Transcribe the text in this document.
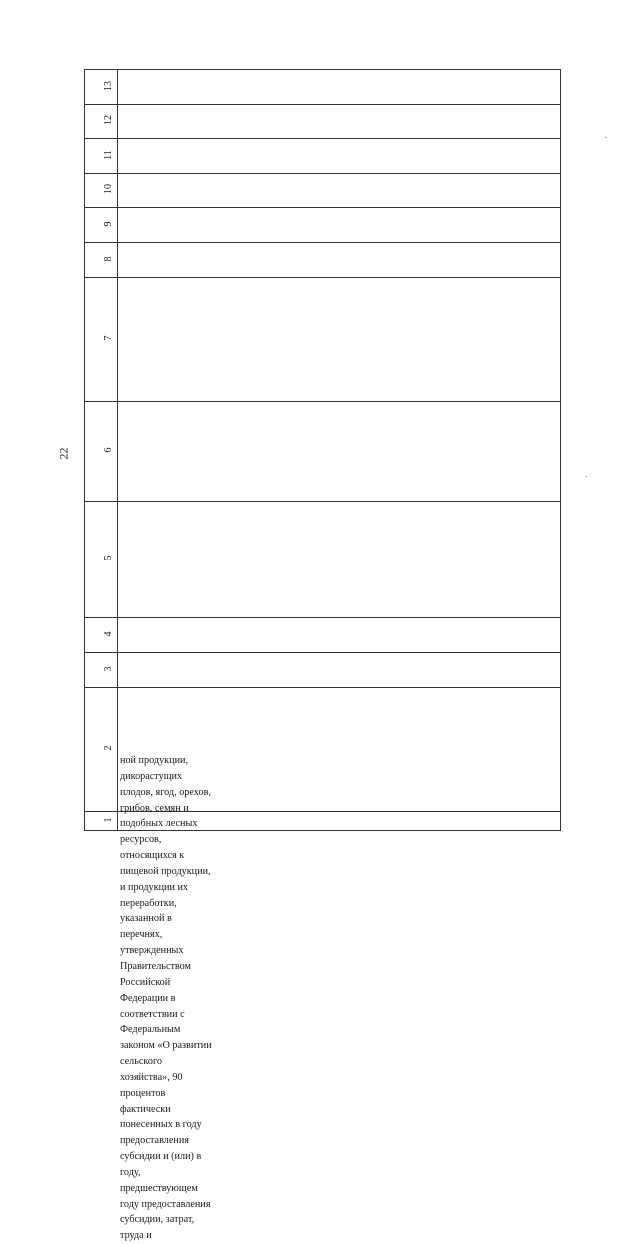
22
13
12
11
10
9
8
7
6
5
4
3
2
1
ной продукции,
дикорастущих
плодов, ягод, орехов,
грибов, семян и
подобных лесных
ресурсов,
относящихся к
пищевой продукции,
и продукции их
переработки,
указанной в
перечнях,
утвержденных
Правительством
Российской
Федерации в
соответствии с
Федеральным
законом «О развитии
сельского
хозяйства», 90
процентов
фактически
понесенных в году
предоставления
субсидии и (или) в
году,
предшествующем
году предоставления
субсидии, затрат,
труда и
